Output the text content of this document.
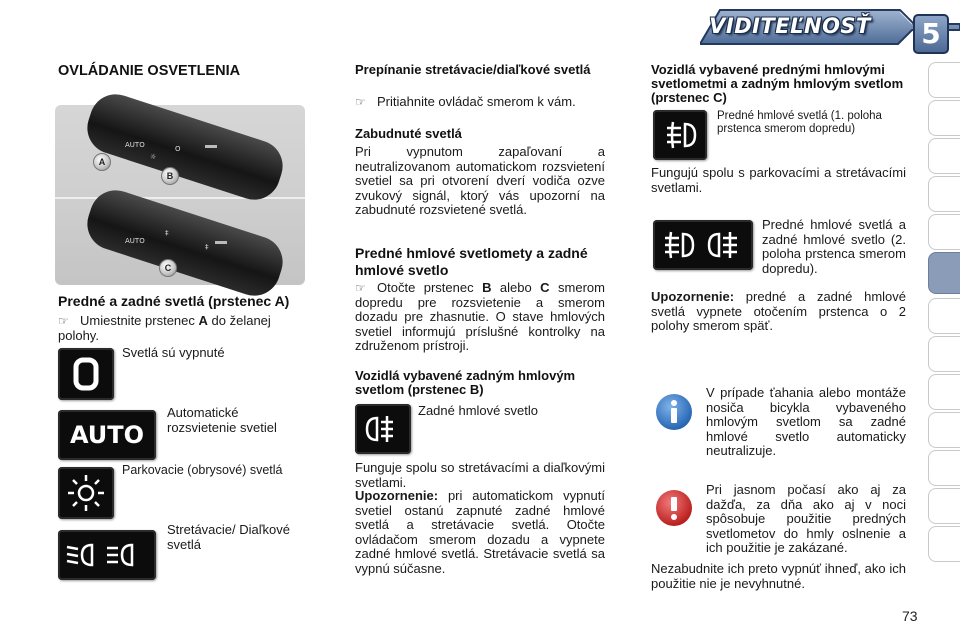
VIDITEĽNOSŤ	5
OVLÁDANIE OSVETLENIA
AUTO
☼
O
AUTO
‡
‡
A
B
C
Predné a zadné svetlá (prstenec A)
☞ Umiestnite prstenec A do želanej polohy.
Svetlá sú vypnuté
AUTO
Automatické rozsvietenie svetiel
Parkovacie (obrysové) svetlá
Stretávacie/ Diaľkové svetlá
Prepínanie stretávacie/diaľkové svetlá
☞ Pritiahnite ovládač smerom k vám.
Zabudnuté svetlá
Pri vypnutom zapaľovaní a neutralizovanom automatickom rozsvietení svetiel sa pri otvorení dverí vodiča ozve zvukový signál, ktorý vás upozorní na zabudnuté rozsvietené svetlá.
Predné hmlové svetlomety a zadné hmlové svetlo
☞ Otočte prstenec B alebo C smerom dopredu pre rozsvietenie a smerom dozadu pre zhasnutie. O stave hmlových svetiel informujú príslušné kontrolky na združenom prístroji.
Vozidlá vybavené zadným hmlovým svetlom (prstenec B)
Zadné hmlové svetlo
Funguje spolu so stretávacími a diaľkovými svetlami.
Upozornenie: pri automatickom vypnutí svetiel ostanú zapnuté zadné hmlové svetlá a stretávacie svetlá. Otočte ovládačom smerom dozadu a vypnete zadné hmlové svetlá. Stretávacie svetlá sa vypnú súčasne.
Vozidlá vybavené prednými hmlovými svetlometmi a zadným hmlovým svetlom (prstenec C)
Predné hmlové svetlá (1. poloha prstenca smerom dopredu)
Fungujú spolu s parkovacími a stretávacími svetlami.
Predné hmlové svetlá a zadné hmlové svetlo (2. poloha prstenca smerom dopredu).
Upozornenie: predné a zadné hmlové svetlá vypnete otočením prstenca o 2 polohy smerom späť.
V prípade ťahania alebo montáže nosiča bicykla vybaveného hmlovým svetlom sa zadné hmlové svetlo automaticky neutralizuje.
Pri jasnom počasí ako aj za dažďa, za dňa ako aj v noci spôsobuje použitie predných svetlometov do hmly oslnenie a ich použitie je zakázané.
Nezabudnite ich preto vypnúť ihneď, ako ich použitie nie je nevyhnutné.
73
